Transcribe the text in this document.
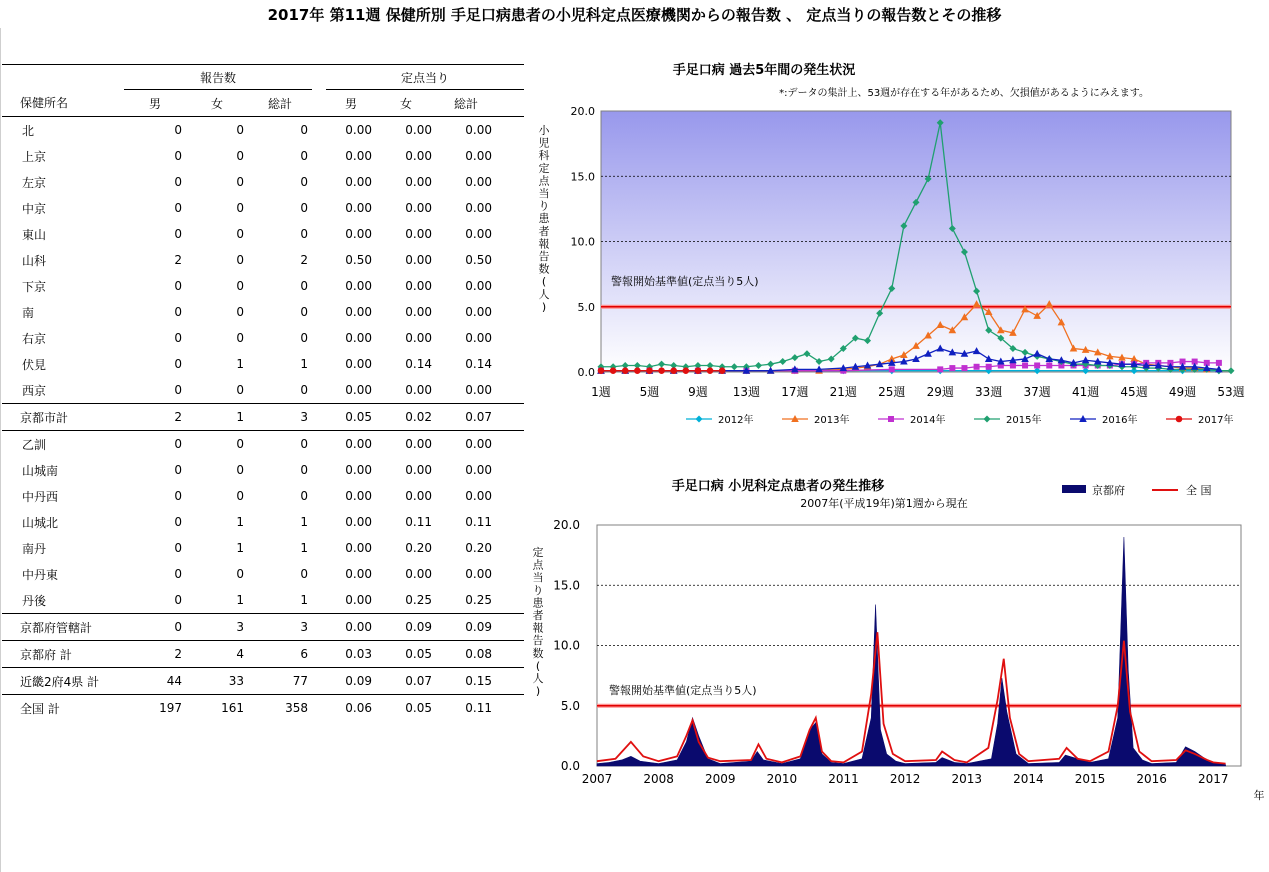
2017年 第11週 保健所別 手足口病患者の小児科定点医療機関からの報告数 、 定点当りの報告数とその推移
	報告数				定点当り			
保健所名	男	女	総計		男	女	総計	
北	0	0	0		0.00	0.00	0.00	
上京	0	0	0		0.00	0.00	0.00	
左京	0	0	0		0.00	0.00	0.00	
中京	0	0	0		0.00	0.00	0.00	
東山	0	0	0		0.00	0.00	0.00	
山科	2	0	2		0.50	0.00	0.50	
下京	0	0	0		0.00	0.00	0.00	
南	0	0	0		0.00	0.00	0.00	
右京	0	0	0		0.00	0.00	0.00	
伏見	0	1	1		0.00	0.14	0.14	
西京	0	0	0		0.00	0.00	0.00	
京都市計	2	1	3		0.05	0.02	0.07	
乙訓	0	0	0		0.00	0.00	0.00	
山城南	0	0	0		0.00	0.00	0.00	
中丹西	0	0	0		0.00	0.00	0.00	
山城北	0	1	1		0.00	0.11	0.11	
南丹	0	1	1		0.00	0.20	0.20	
中丹東	0	0	0		0.00	0.00	0.00	
丹後	0	1	1		0.00	0.25	0.25	
京都府管轄計	0	3	3		0.00	0.09	0.09	
京都府 計	2	4	6		0.03	0.05	0.08	
近畿2府4県 計	44	33	77		0.09	0.07	0.15	
全国 計	197	161	358		0.06	0.05	0.11	
手足口病 過去5年間の発生状況
*:データの集計上、53週が存在する年があるため、欠損値があるようにみえます。
0.0
5.0
10.0
15.0
20.0
警報開始基準値(定点当り5人)
1週 5週 9週 13週 17週 21週 25週 29週 33週 37週 41週 45週 49週 53週
小児科定点当り患者報告数(人)
2012年	2013年	2014年	2015年	2016年	2017年
手足口病 小児科定点患者の発生推移
2007年(平成19年)第1週から現在
0.0
5.0
10.0
15.0
20.0
警報開始基準値(定点当り5人)
2007	2008	2009	2010	2011	2012	2013	2014	2015	2016	2017
年
定点当り患者報告数(人)
京都府	全 国
